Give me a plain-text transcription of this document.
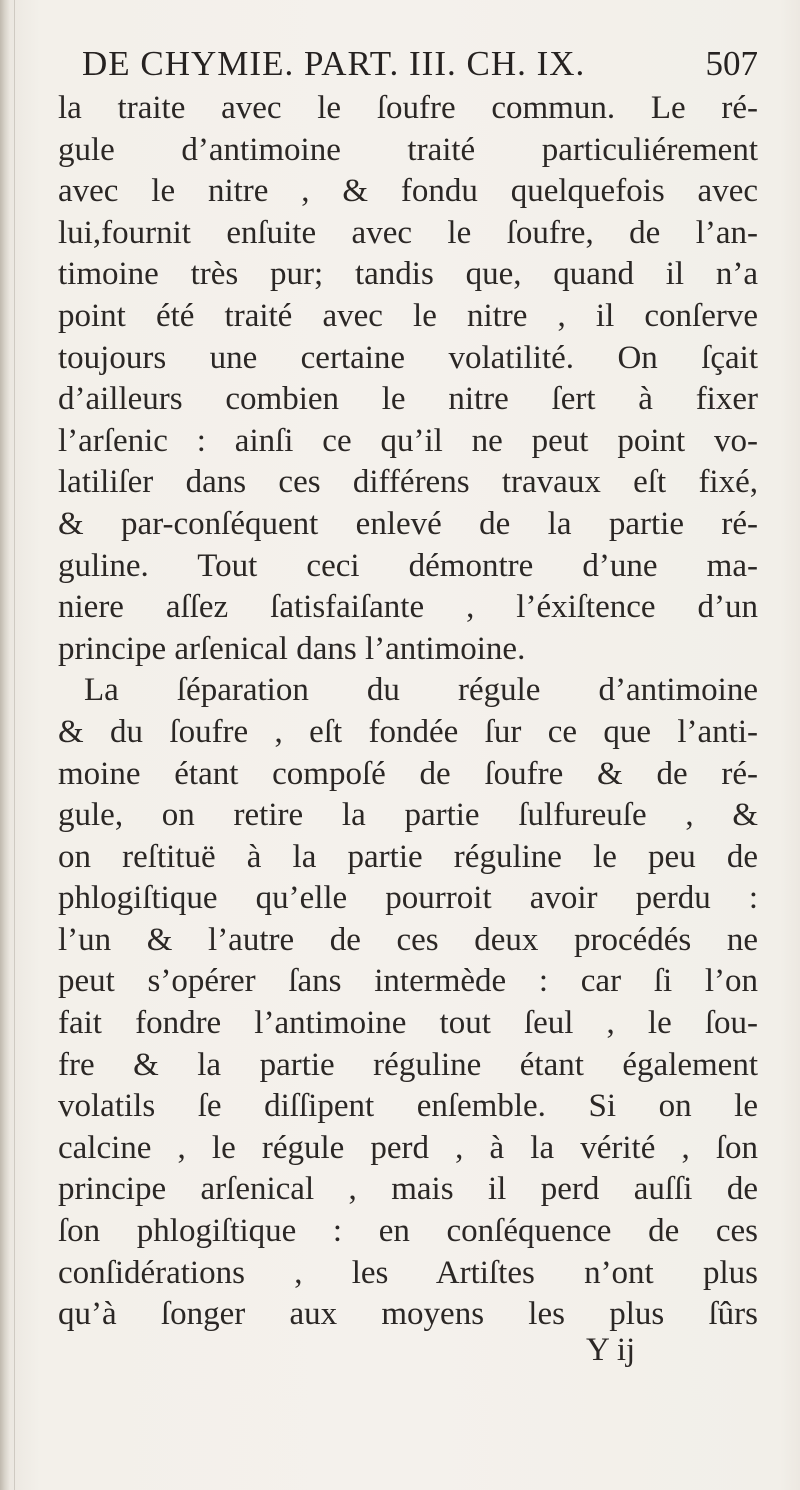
DE CHYMIE. PART. III. CH. IX.	507
la traite avec le ſoufre commun. Le ré-
gule d’antimoine traité particuliérement
avec le nitre , & fondu quelquefois avec
lui,fournit enſuite avec le ſoufre, de l’an-
timoine très pur; tandis que, quand il n’a
point été traité avec le nitre , il conſerve
toujours une certaine volatilité. On ſçait
d’ailleurs combien le nitre ſert à fixer
l’arſenic : ainſi ce qu’il ne peut point vo-
latiliſer dans ces différens travaux eſt fixé,
& par-conſéquent enlevé de la partie ré-
guline. Tout ceci démontre d’une ma-
niere aſſez ſatisfaiſante , l’éxiſtence d’un
principe arſenical dans l’antimoine.
La ſéparation du régule d’antimoine
& du ſoufre , eſt fondée ſur ce que l’anti-
moine étant compoſé de ſoufre & de ré-
gule, on retire la partie ſulfureuſe , &
on reſtituë à la partie réguline le peu de
phlogiſtique qu’elle pourroit avoir perdu :
l’un & l’autre de ces deux procédés ne
peut s’opérer ſans intermède : car ſi l’on
fait fondre l’antimoine tout ſeul , le ſou-
fre & la partie réguline étant également
volatils ſe diſſipent enſemble. Si on le
calcine , le régule perd , à la vérité , ſon
principe arſenical , mais il perd auſſi de
ſon phlogiſtique : en conſéquence de ces
conſidérations , les Artiſtes n’ont plus
qu’à ſonger aux moyens les plus ſûrs
Y ij
